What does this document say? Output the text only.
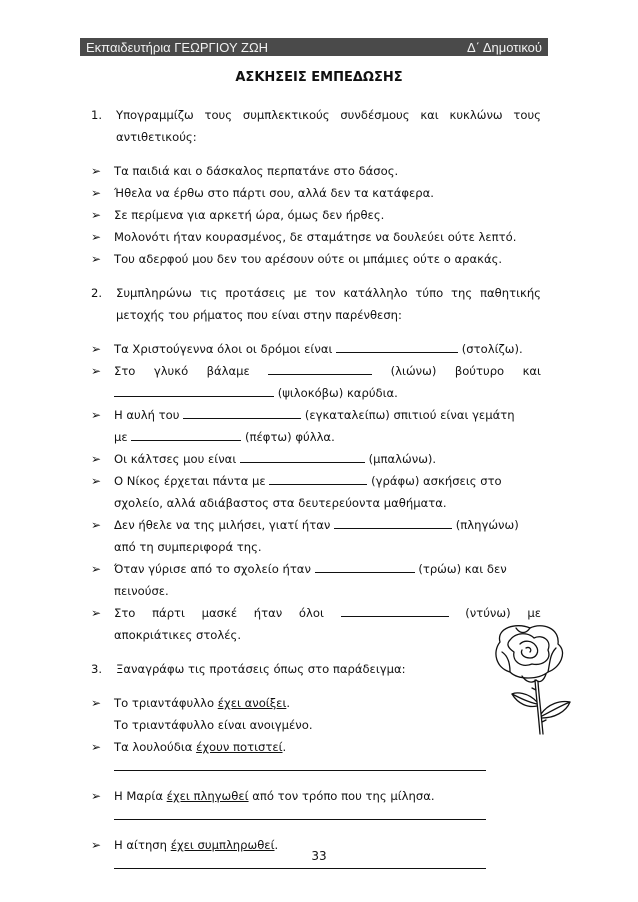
Εκπαιδευτήρια ΓΕΩΡΓΙΟΥ ΖΩΗ	Δ΄ Δημοτικού
ΑΣΚΗΣΕΙΣ ΕΜΠΕΔΩΣΗΣ
1.	Υπογραμμίζω τους συμπλεκτικούς συνδέσμους και κυκλώνω τους αντιθετικούς:
➢	Τα παιδιά και ο δάσκαλος περπατάνε στο δάσος.
➢	Ήθελα να έρθω στο πάρτι σου, αλλά δεν τα κατάφερα.
➢	Σε περίμενα για αρκετή ώρα, όμως δεν ήρθες.
➢	Μολονότι ήταν κουρασμένος, δε σταμάτησε να δουλεύει ούτε λεπτό.
➢	Του αδερφού μου δεν του αρέσουν ούτε οι μπάμιες ούτε ο αρακάς.
2.	Συμπληρώνω τις προτάσεις με τον κατάλληλο τύπο της παθητικής μετοχής του ρήματος που είναι στην παρένθεση:
➢	Τα Χριστούγεννα όλοι οι δρόμοι είναι	(στολίζω).
➢	Στο γλυκό βάλαμε	(λιώνω) βούτυρο και
(ψιλοκόβω) καρύδια.
➢	Η αυλή του	(εγκαταλείπω) σπιτιού είναι γεμάτη
με	(πέφτω) φύλλα.
➢	Οι κάλτσες μου είναι	(μπαλώνω).
➢	Ο Νίκος έρχεται πάντα με	(γράφω) ασκήσεις στο
σχολείο, αλλά αδιάβαστος στα δευτερεύοντα μαθήματα.
➢	Δεν ήθελε να της μιλήσει, γιατί ήταν	(πληγώνω)
από τη συμπεριφορά της.
➢	Όταν γύρισε από το σχολείο ήταν	(τρώω) και δεν
πεινούσε.
➢	Στο πάρτι μασκέ ήταν όλοι	(ντύνω) με
αποκριάτικες στολές.
3.	Ξαναγράφω τις προτάσεις όπως στο παράδειγμα:
➢	Το τριαντάφυλλο έχει ανοίξει.
Το τριαντάφυλλο είναι ανοιγμένο.
➢	Τα λουλούδια έχουν ποτιστεί.
➢	Η Μαρία έχει πληγωθεί από τον τρόπο που της μίλησα.
➢	Η αίτηση έχει συμπληρωθεί.
33
